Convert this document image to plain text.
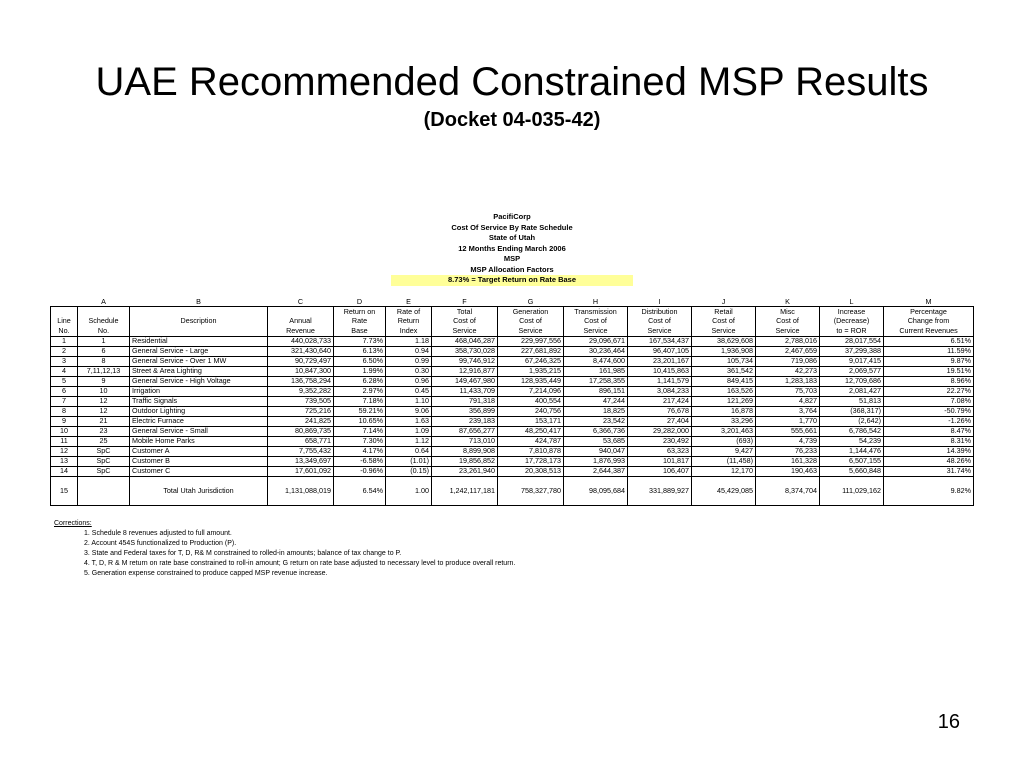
UAE Recommended Constrained MSP Results
(Docket 04-035-42)
PacifiCorp
Cost Of Service By Rate Schedule
State of Utah
12 Months Ending March 2006
MSP
MSP Allocation Factors
8.73% = Target Return on Rate Base
	A	B	C	D	E	F	G	H	I	J	K	L	M
				Return on	Rate of	Total	Generation	Transmission	Distribution	Retail	Misc	Increase	Percentage
Line	Schedule	Description	Annual	Rate	Return	Cost of	Cost of	Cost of	Cost of	Cost of	Cost of	(Decrease)	Change from
No.	No.		Revenue	Base	Index	Service	Service	Service	Service	Service	Service	to = ROR	Current Revenues
1	1	Residential	440,028,733	7.73%	1.18	468,046,287	229,997,556	29,096,671	167,534,437	38,629,608	2,788,016	28,017,554	6.51%
2	6	General Service - Large	321,430,640	6.13%	0.94	358,730,028	227,681,892	30,236,464	96,407,105	1,936,908	2,467,659	37,299,388	11.59%
3	8	General Service - Over 1 MW	90,729,497	6.50%	0.99	99,746,912	67,246,325	8,474,600	23,201,167	105,734	719,086	9,017,415	9.87%
4	7,11,12,13	Street & Area Lighting	10,847,300	1.99%	0.30	12,916,877	1,935,215	161,985	10,415,863	361,542	42,273	2,069,577	19.51%
5	9	General Service - High Voltage	136,758,294	6.28%	0.96	149,467,980	128,935,449	17,258,355	1,141,579	849,415	1,283,183	12,709,686	8.96%
6	10	Irrigation	9,352,282	2.97%	0.45	11,433,709	7,214,096	896,151	3,084,233	163,526	75,703	2,081,427	22.27%
7	12	Traffic Signals	739,505	7.18%	1.10	791,318	400,554	47,244	217,424	121,269	4,827	51,813	7.08%
8	12	Outdoor Lighting	725,216	59.21%	9.06	356,899	240,756	18,825	76,678	16,878	3,764	(368,317)	-50.79%
9	21	Electric Furnace	241,825	10.65%	1.63	239,183	153,171	23,542	27,404	33,296	1,770	(2,642)	-1.26%
10	23	General Service - Small	80,869,735	7.14%	1.09	87,656,277	48,250,417	6,366,736	29,282,000	3,201,463	555,661	6,786,542	8.47%
11	25	Mobile Home Parks	658,771	7.30%	1.12	713,010	424,787	53,685	230,492	(693)	4,739	54,239	8.31%
12	SpC	Customer A	7,755,432	4.17%	0.64	8,899,908	7,810,878	940,047	63,323	9,427	76,233	1,144,476	14.39%
13	SpC	Customer B	13,349,697	-6.58%	(1.01)	19,856,852	17,728,173	1,876,993	101,817	(11,458)	161,328	6,507,155	48.26%
14	SpC	Customer C	17,601,092	-0.96%	(0.15)	23,261,940	20,308,513	2,644,387	106,407	12,170	190,463	5,660,848	31.74%
15		Total Utah Jurisdiction	1,131,088,019	6.54%	1.00	1,242,117,181	758,327,780	98,095,684	331,889,927	45,429,085	8,374,704	111,029,162	9.82%
Corrections:
1. Schedule 8 revenues adjusted to full amount.
2. Account 454S functionalized to Production (P).
3. State and Federal taxes for T, D, R& M constrained to rolled-in amounts; balance of tax change to P.
4. T, D, R & M return on rate base constrained to roll-in amount; G return on rate base adjusted to necessary level to produce overall return.
5. Generation expense constrained to produce capped MSP revenue increase.
16
